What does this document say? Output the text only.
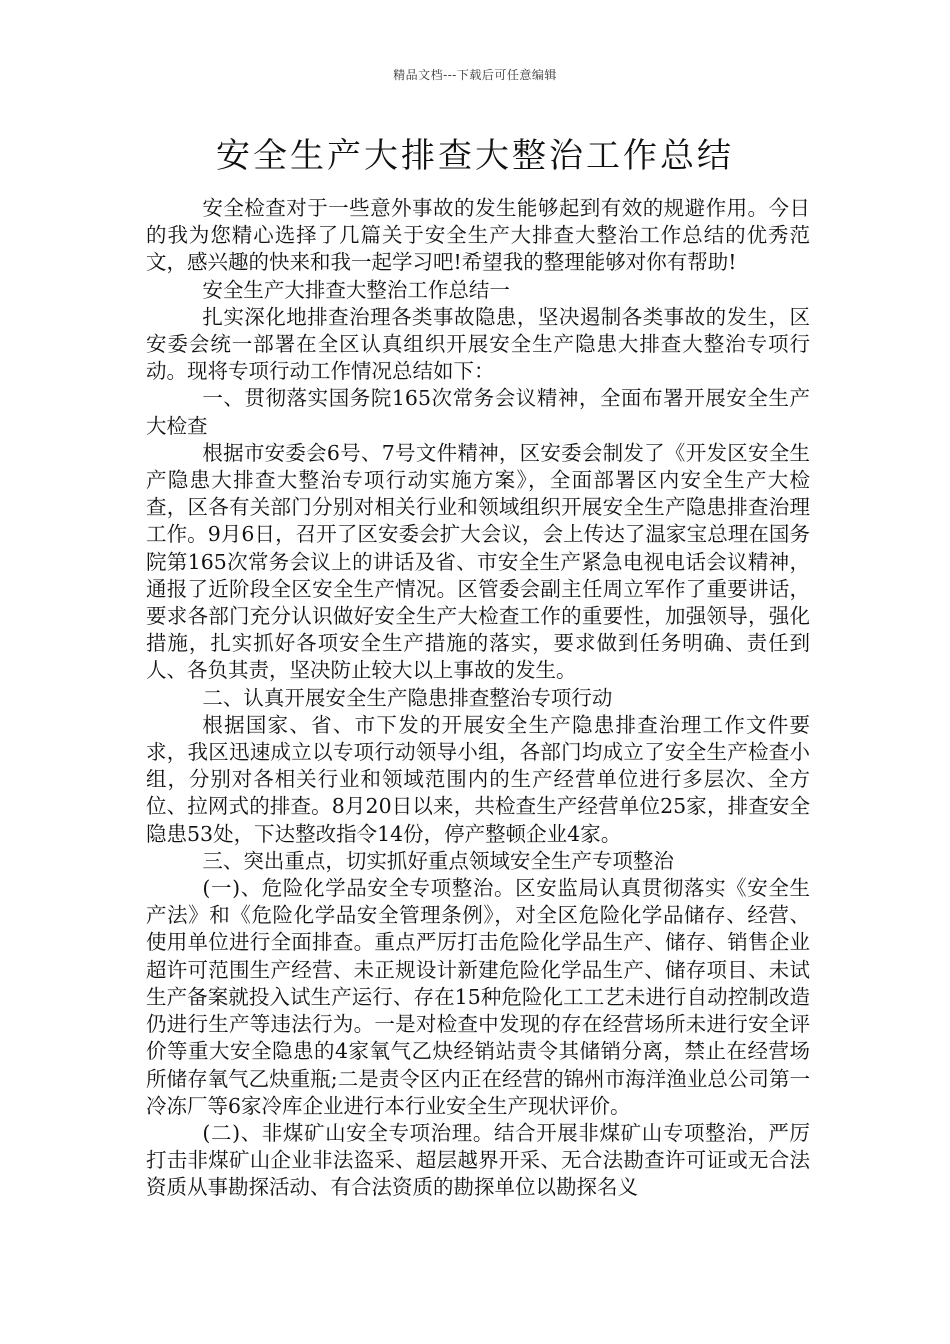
精品文档---下载后可任意编辑
安全生产大排查大整治工作总结

安全检查对于一些意外事故的发生能够起到有效的规避作用。今日的我为您精心选择了几篇关于安全生产大排查大整治工作总结的优秀范文，感兴趣的快来和我一起学习吧!希望我的整理能够对你有帮助!

安全生产大排查大整治工作总结一

扎实深化地排查治理各类事故隐患，坚决遏制各类事故的发生，区安委会统一部署在全区认真组织开展安全生产隐患大排查大整治专项行动。现将专项行动工作情况总结如下：

一、贯彻落实国务院165次常务会议精神，全面布署开展安全生产大检查

根据市安委会6号、7号文件精神，区安委会制发了《开发区安全生产隐患大排查大整治专项行动实施方案》，全面部署区内安全生产大检查，区各有关部门分别对相关行业和领域组织开展安全生产隐患排查治理工作。9月6日，召开了区安委会扩大会议，会上传达了温家宝总理在国务院第165次常务会议上的讲话及省、市安全生产紧急电视电话会议精神，通报了近阶段全区安全生产情况。区管委会副主任周立军作了重要讲话，要求各部门充分认识做好安全生产大检查工作的重要性，加强领导，强化措施，扎实抓好各项安全生产措施的落实，要求做到任务明确、责任到人、各负其责，坚决防止较大以上事故的发生。

二、认真开展安全生产隐患排查整治专项行动

根据国家、省、市下发的开展安全生产隐患排查治理工作文件要求，我区迅速成立以专项行动领导小组，各部门均成立了安全生产检查小组，分别对各相关行业和领域范围内的生产经营单位进行多层次、全方位、拉网式的排查。8月20日以来，共检查生产经营单位25家，排查安全隐患53处，下达整改指令14份，停产整顿企业4家。

三、突出重点，切实抓好重点领域安全生产专项整治

(一)、危险化学品安全专项整治。区安监局认真贯彻落实《安全生产法》和《危险化学品安全管理条例》，对全区危险化学品储存、经营、使用单位进行全面排查。重点严厉打击危险化学品生产、储存、销售企业超许可范围生产经营、未正规设计新建危险化学品生产、储存项目、未试生产备案就投入试生产运行、存在15种危险化工工艺未进行自动控制改造仍进行生产等违法行为。一是对检查中发现的存在经营场所未进行安全评价等重大安全隐患的4家氧气乙炔经销站责令其储销分离，禁止在经营场所储存氧气乙炔重瓶;二是责令区内正在经营的锦州市海洋渔业总公司第一冷冻厂等6家冷库企业进行本行业安全生产现状评价。

(二)、非煤矿山安全专项治理。结合开展非煤矿山专项整治，严厉打击非煤矿山企业非法盗采、超层越界开采、无合法勘查许可证或无合法资质从事勘探活动、有合法资质的勘探单位以勘探名义
